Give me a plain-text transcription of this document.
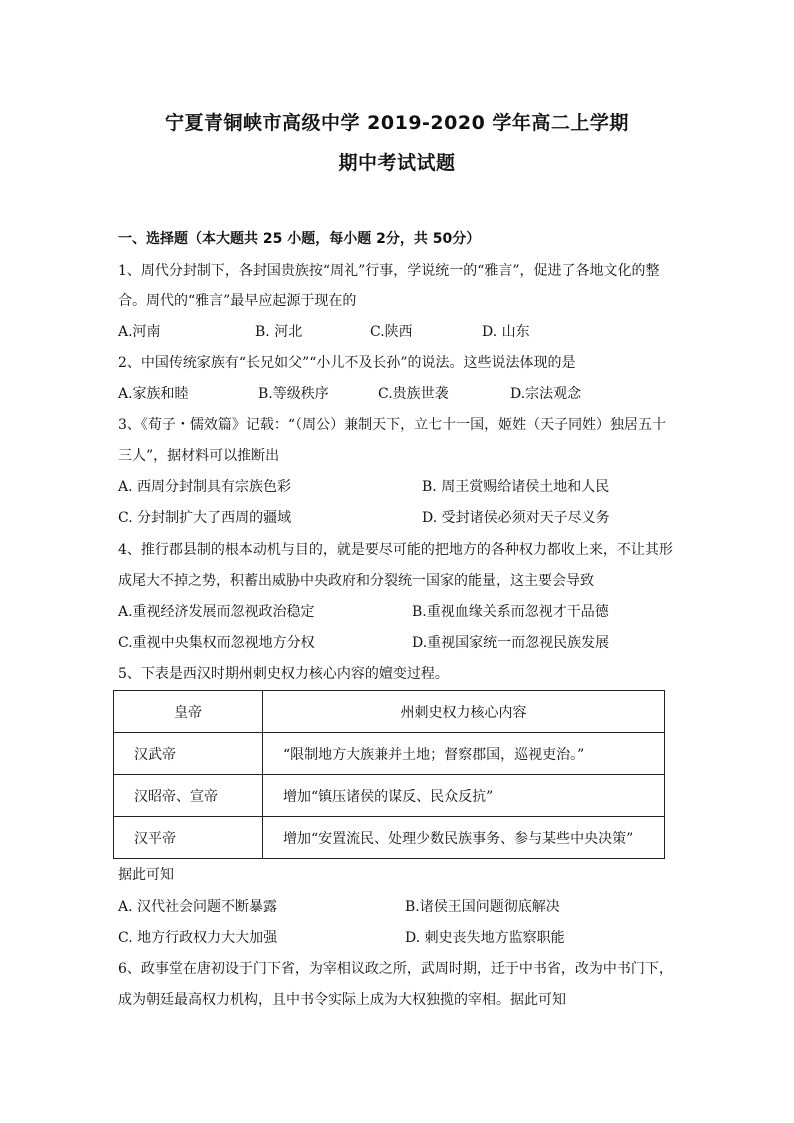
宁夏青铜峡市高级中学 2019-2020 学年高二上学期
期中考试试题
一、选择题（本大题共 25 小题，每小题 2分，共 50分）
1、周代分封制下，各封国贵族按“周礼”行事，学说统一的“雅言”，促进了各地文化的整
合。周代的“雅言”最早应起源于现在的
A.河南	B. 河北	C.陕西	D. 山东
2、中国传统家族有“长兄如父”“小儿不及长孙”的说法。这些说法体现的是
A.家族和睦	B.等级秩序	C.贵族世袭	D.宗法观念
3、《荀子・儒效篇》记载：“（周公）兼制天下，立七十一国，姬姓（天子同姓）独居五十
三人”，据材料可以推断出
A. 西周分封制具有宗族色彩	B. 周王赏赐给诸侯土地和人民
C. 分封制扩大了西周的疆域	D. 受封诸侯必须对天子尽义务
4、推行郡县制的根本动机与目的，就是要尽可能的把地方的各种权力都收上来，不让其形
成尾大不掉之势，积蓄出威胁中央政府和分裂统一国家的能量，这主要会导致
A.重视经济发展而忽视政治稳定	B.重视血缘关系而忽视才干品德
C.重视中央集权而忽视地方分权	D.重视国家统一而忽视民族发展
5、下表是西汉时期州刺史权力核心内容的嬗变过程。
皇帝	州刺史权力核心内容
汉武帝	“限制地方大族兼并土地；督察郡国，巡视吏治。”
汉昭帝、宣帝	增加“镇压诸侯的谋反、民众反抗”
汉平帝	增加“安置流民、处理少数民族事务、参与某些中央决策”
据此可知
A. 汉代社会问题不断暴露	B.诸侯王国问题彻底解决
C. 地方行政权力大大加强	D. 刺史丧失地方监察职能
6、政事堂在唐初设于门下省，为宰相议政之所，武周时期，迁于中书省，改为中书门下，
成为朝廷最高权力机构，且中书令实际上成为大权独揽的宰相。据此可知
